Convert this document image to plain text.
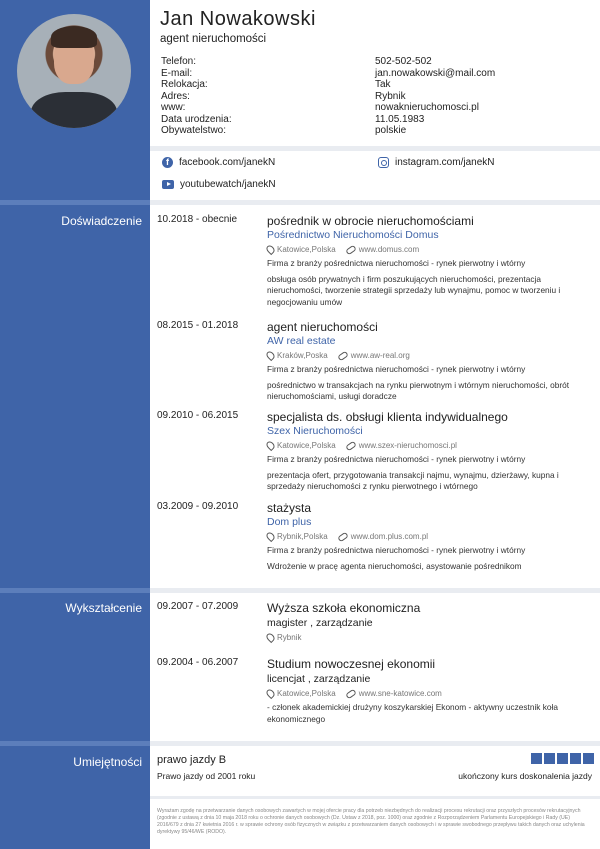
Jan Nowakowski
agent nieruchomości
Telefon:	502-502-502
E-mail:	jan.nowakowski@mail.com
Relokacja:	Tak
Adres:	Rybnik
www:	nowaknieruchomosci.pl
Data urodzenia:	11.05.1983
Obywatelstwo:	polskie
f	facebook.com/janekN	instagram.com/janekN
youtubewatch/janekN
Doświadczenie 10.2018 - obecnie pośrednik w obrocie nieruchomościami
Pośrednictwo Nieruchomości Domus
Katowice,Polska	www.domus.com
Firma z branży pośrednictwa nieruchomości - rynek pierwotny i wtórny
obsługa osób prywatnych i firm poszukujących nieruchomości, prezentacja nieruchomości, tworzenie strategii sprzedaży lub wynajmu, pomoc w tworzeniu i negocjowaniu umów
08.2015 - 01.2018 agent nieruchomości
AW real estate
Kraków,Poska	www.aw-real.org
Firma z branży pośrednictwa nieruchomości - rynek pierwotny i wtórny
pośrednictwo w transakcjach na rynku pierwotnym i wtórnym nieruchomości, obrót nieruchomościami, usługi doradcze
09.2010 - 06.2015 specjalista ds. obsługi klienta indywidualnego
Szex Nieruchomości
Katowice,Polska	www.szex-nieruchomosci.pl
Firma z branży pośrednictwa nieruchomości - rynek pierwotny i wtórny
prezentacja ofert, przygotowania transakcji najmu, wynajmu, dzierżawy, kupna i sprzedaży nieruchomości z rynku pierwotnego i wtórnego
03.2009 - 09.2010 stażysta
Dom plus
Rybnik,Polska	www.dom.plus.com.pl
Firma z branży pośrednictwa nieruchomości - rynek pierwotny i wtórny
Wdrożenie w pracę agenta nieruchomości, asystowanie pośrednikom
Wykształcenie 09.2007 - 07.2009 Wyższa szkoła ekonomiczna
magister , zarządzanie
Rybnik
09.2004 - 06.2007 Studium nowoczesnej ekonomii
licencjat , zarządzanie
Katowice,Polska	www.sne-katowice.com
- członek akademickiej drużyny koszykarskiej Ekonom - aktywny uczestnik koła ekonomicznego
Umiejętności prawo jazdy B
Prawo jazdy od 2001 roku	ukończony kurs doskonalenia jazdy
Wyrażam zgodę na przetwarzanie danych osobowych zawartych w mojej ofercie pracy dla potrzeb niezbędnych do realizacji procesu rekrutacji oraz przyszłych procesów rekrutacyjnych (zgodnie z ustawą z dnia 10 maja 2018 roku o ochronie danych osobowych (Dz. Ustaw z 2018, poz. 1000) oraz zgodnie z Rozporządzeniem Parlamentu Europejskiego i Rady (UE) 2016/679 z dnia 27 kwietnia 2016 r. w sprawie ochrony osób fizycznych w związku z przetwarzaniem danych osobowych i w sprawie swobodnego przepływu takich danych oraz uchylenia dyrektywy 95/46/WE (RODO).
